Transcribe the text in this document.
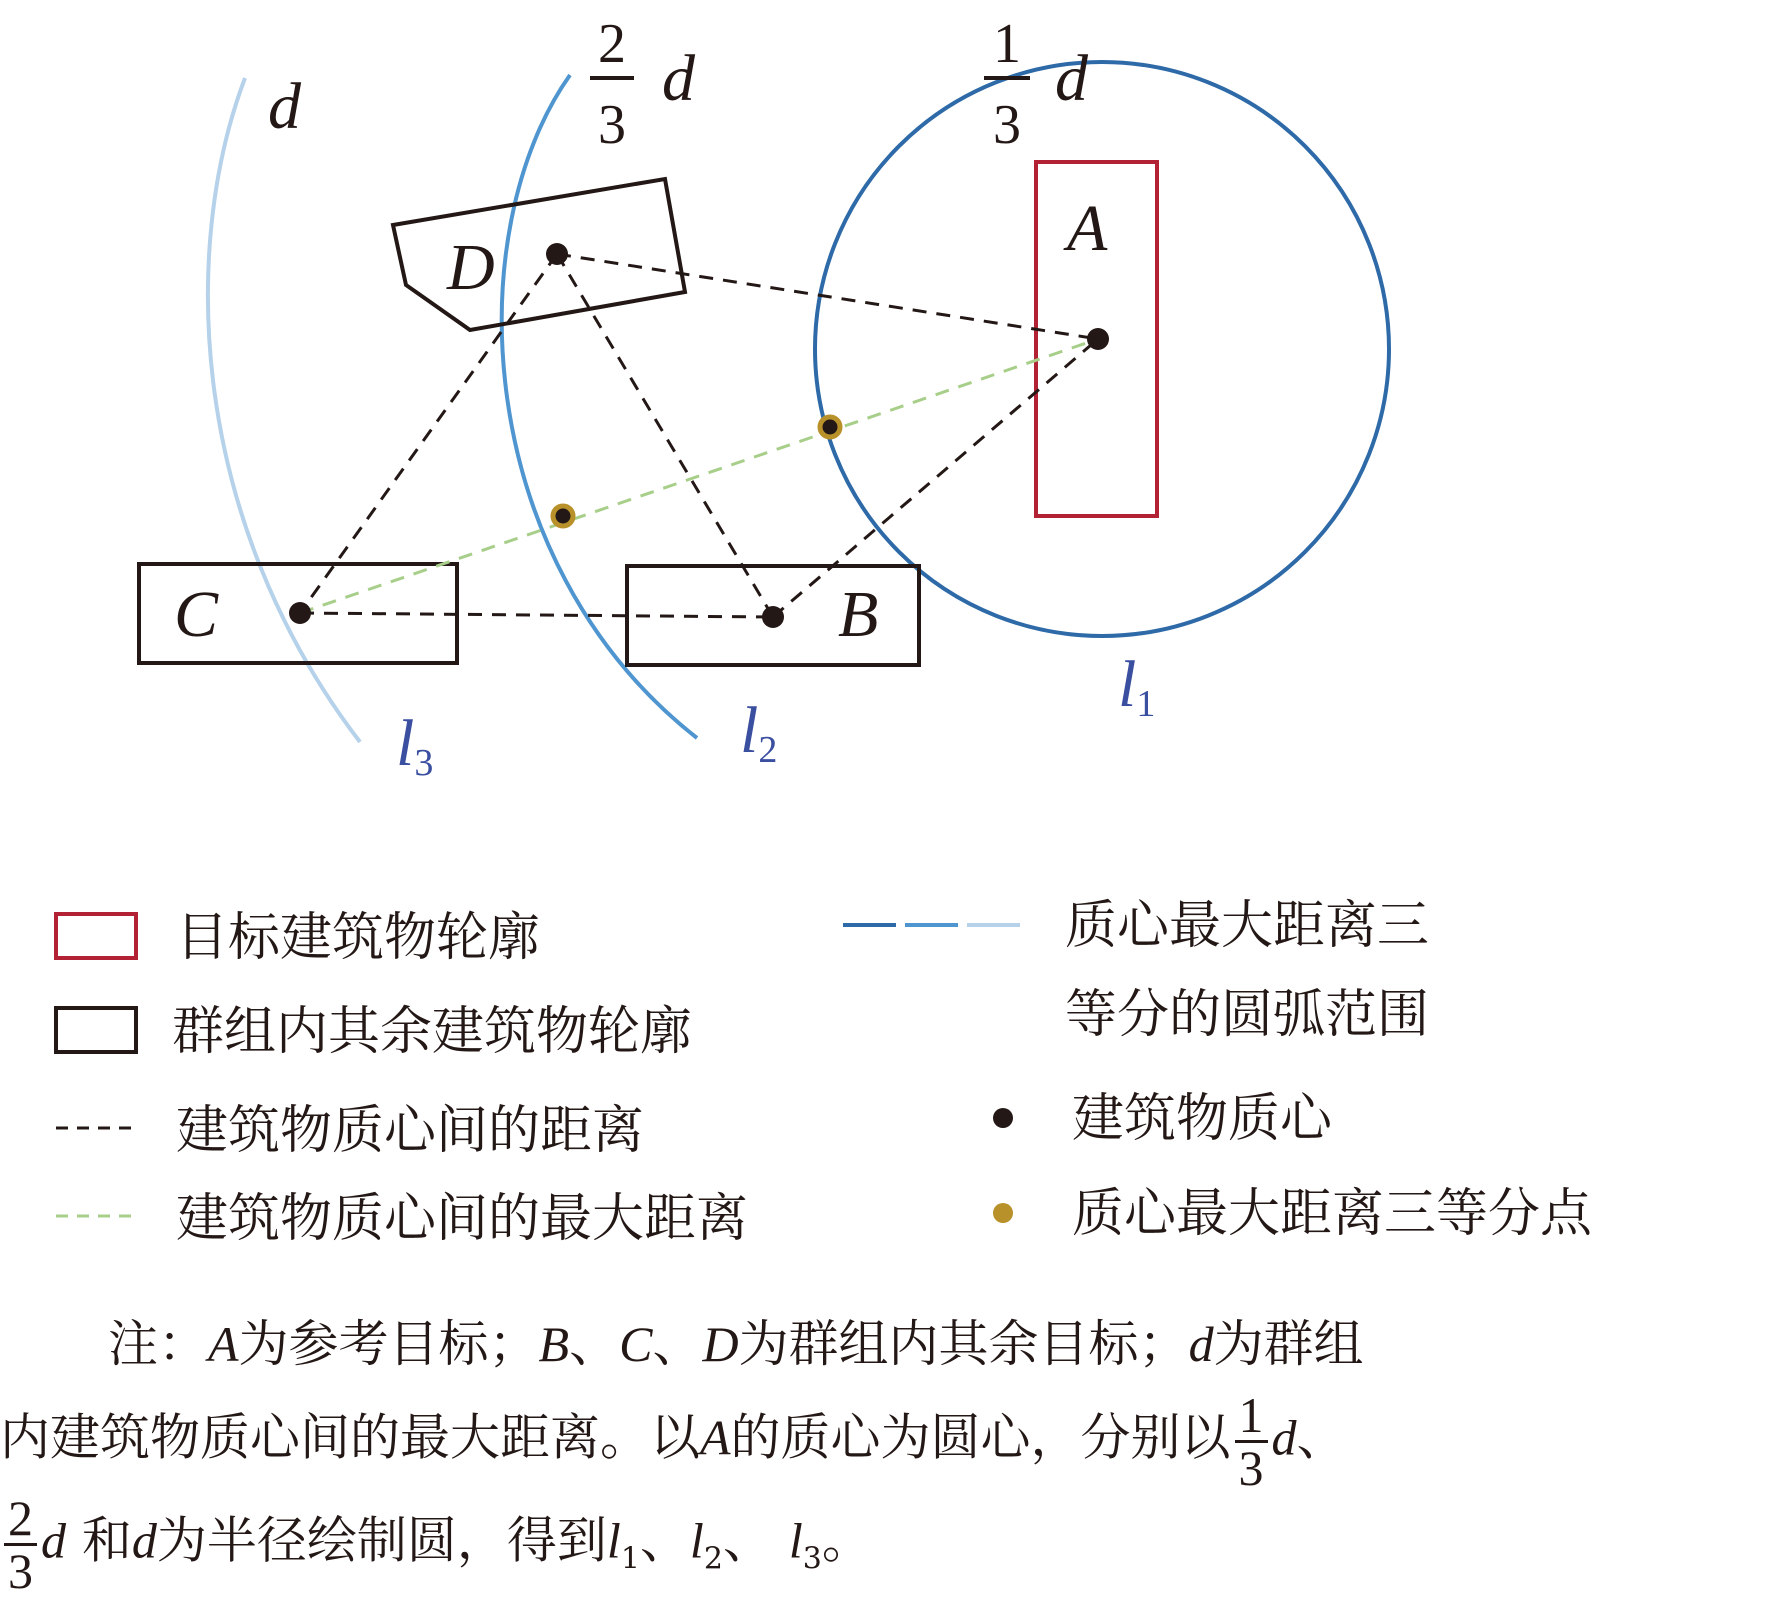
A
B
C
D
d
2
3
d	1
3
d
l1
l2
l3
目标建筑物轮廓
群组内其余建筑物轮廓
建筑物质心间的距离
建筑物质心间的最大距离
质心最大距离三
等分的圆弧范围
建筑物质心
质心最大距离三等分点
注：A为参考目标；B、C、D为群组内其余目标；d为群组
内建筑物质心间的最大距离。以A的质心为圆心，分别以 $\frac{1}{3}$ d、
$\frac{2}{3}$ d 和d为半径绘制圆，得到$l_1$、$l_2$、 $l_3$。
